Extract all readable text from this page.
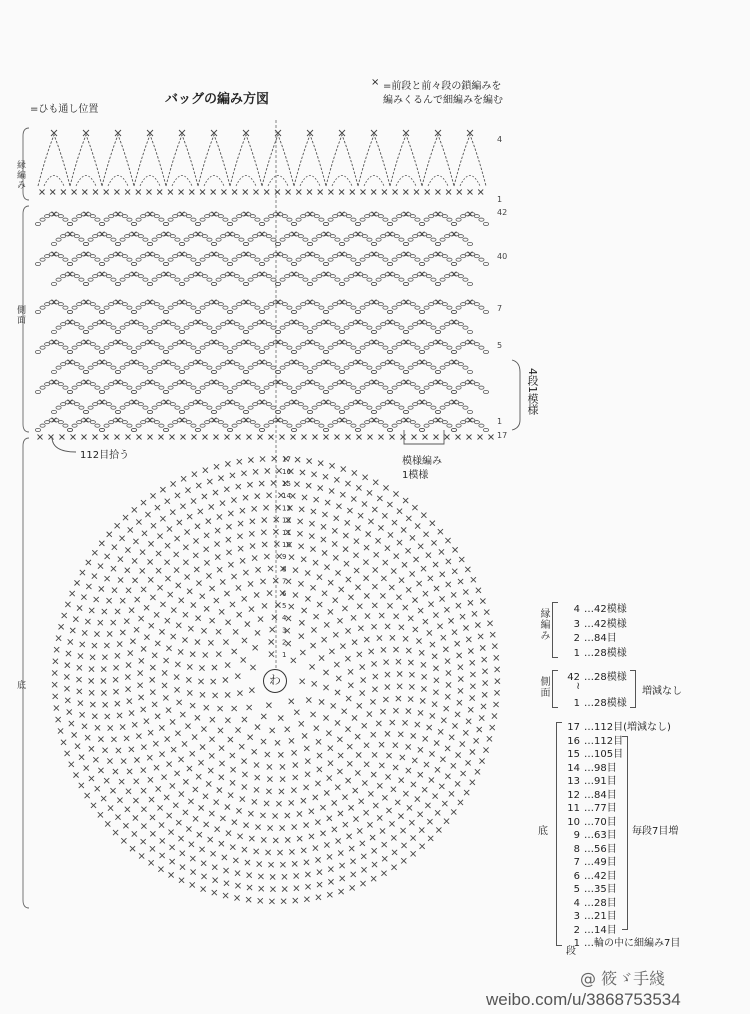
17
16
15
14
13
12
11
10
9
8
7
6
5
4
3
2
1
バッグの編み方図
× =前段と前々段の鎖編みを
編みくるんで細編みを編む
=ひも通し位置
縁編み
側面
底
4
1
42
40
7
5
1
17
4段1模様
模様編み
1模様
112目拾う
わ
縁編み	4 …42模様
3 …42模様
2 …84目
1 …28模様
側面	42 …28模様
≀
1 …28模様
増減なし
底
17 …112目(増減なし)
16 …112目
15 …105目
14 …98目
13 …91目
12 …84目
11 …77目
10 …70目
9 …63目
8 …56目
7 …49目
6 …42目
5 …35目
4 …28目
3 …21目
2 …14目
1 …輪の中に細編み7目
毎段7目増
段
@ 筱ゞ手綫
weibo.com/u/3868753534
